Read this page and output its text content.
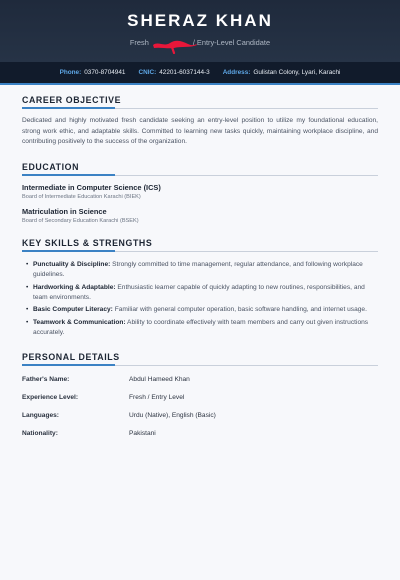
SHERAZ KHAN
Fresh	/ Entry-Level Candidate
Phone: 0370-8704941 CNIC: 42201-6037144-3 Address: Gulistan Colony, Lyari, Karachi
CAREER OBJECTIVE

Dedicated and highly motivated fresh candidate seeking an entry-level position to utilize my foundational education, strong work ethic, and adaptable skills. Committed to learning new tasks quickly, maintaining workplace discipline, and contributing positively to the success of the organization.

EDUCATION
Intermediate in Computer Science (ICS)
Board of Intermediate Education Karachi (BIEK)
Matriculation in Science
Board of Secondary Education Karachi (BSEK)
KEY SKILLS & STRENGTHS
• Punctuality & Discipline: Strongly committed to time management, regular attendance, and following workplace guidelines.
• Hardworking & Adaptable: Enthusiastic learner capable of quickly adapting to new routines, responsibilities, and team environments.
• Basic Computer Literacy: Familiar with general computer operation, basic software handling, and internet usage.
• Teamwork & Communication: Ability to coordinate effectively with team members and carry out given instructions accurately.
PERSONAL DETAILS
Father's Name:	Abdul Hameed Khan
Experience Level:	Fresh / Entry Level
Languages:	Urdu (Native), English (Basic)
Nationality:	Pakistani
